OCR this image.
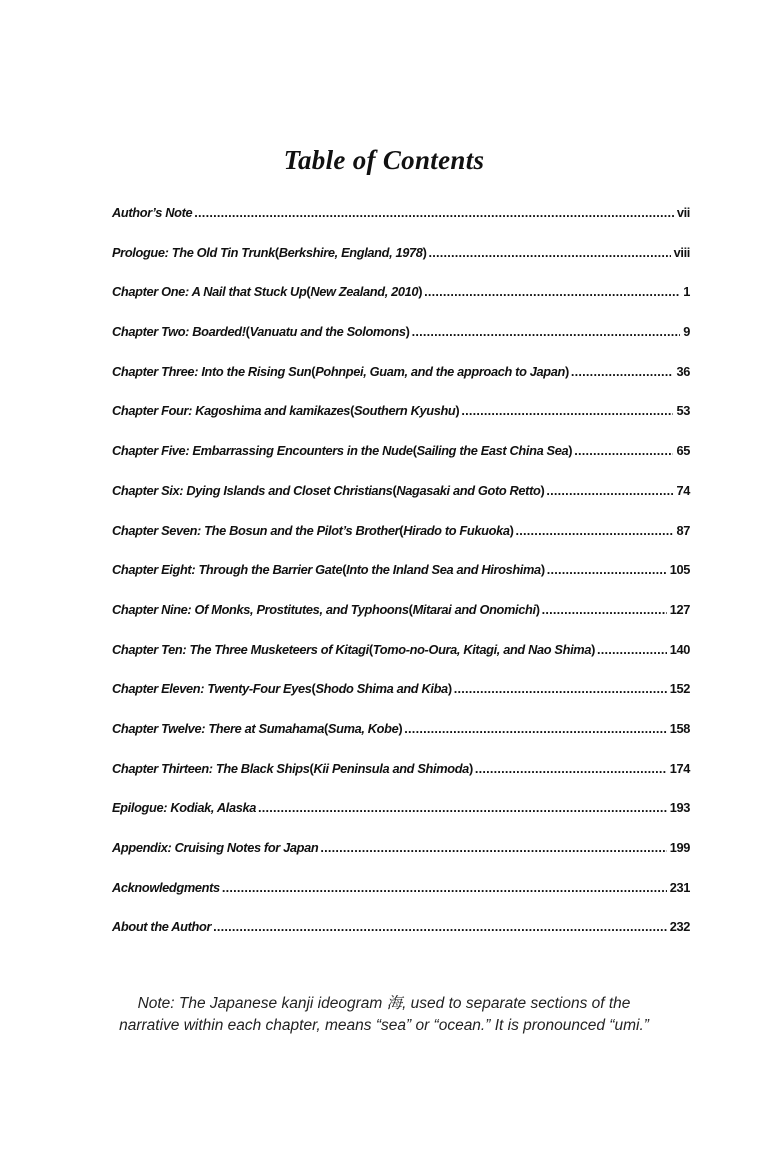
Table of Contents
Author’s Note .....	vii
Prologue: The Old Tin Trunk (Berkshire, England, 1978) .....	viii
Chapter One: A Nail that Stuck Up (New Zealand, 2010) .....	1
Chapter Two: Boarded! (Vanuatu and the Solomons) .....	9
Chapter Three: Into the Rising Sun (Pohnpei, Guam, and the approach to Japan) .....	36
Chapter Four: Kagoshima and kamikazes (Southern Kyushu) .....	53
Chapter Five: Embarrassing Encounters in the Nude (Sailing the East China Sea) .....	65
Chapter Six: Dying Islands and Closet Christians (Nagasaki and Goto Retto) .....	74
Chapter Seven: The Bosun and the Pilot’s Brother (Hirado to Fukuoka) .....	87
Chapter Eight: Through the Barrier Gate (Into the Inland Sea and Hiroshima) .....	105
Chapter Nine: Of Monks, Prostitutes, and Typhoons (Mitarai and Onomichi) .....	127
Chapter Ten: The Three Musketeers of Kitagi (Tomo-no-Oura, Kitagi, and Nao Shima) .....	140
Chapter Eleven: Twenty-Four Eyes (Shodo Shima and Kiba) .....	152
Chapter Twelve: There at Sumahama (Suma, Kobe) .....	158
Chapter Thirteen: The Black Ships (Kii Peninsula and Shimoda) .....	174
Epilogue: Kodiak, Alaska .....	193
Appendix: Cruising Notes for Japan .....	199
Acknowledgments .....	231
About the Author .....	232

Note: The Japanese kanji ideogram 海, used to separate sections of the
narrative within each chapter, means “sea” or “ocean.” It is pronounced “umi.”
